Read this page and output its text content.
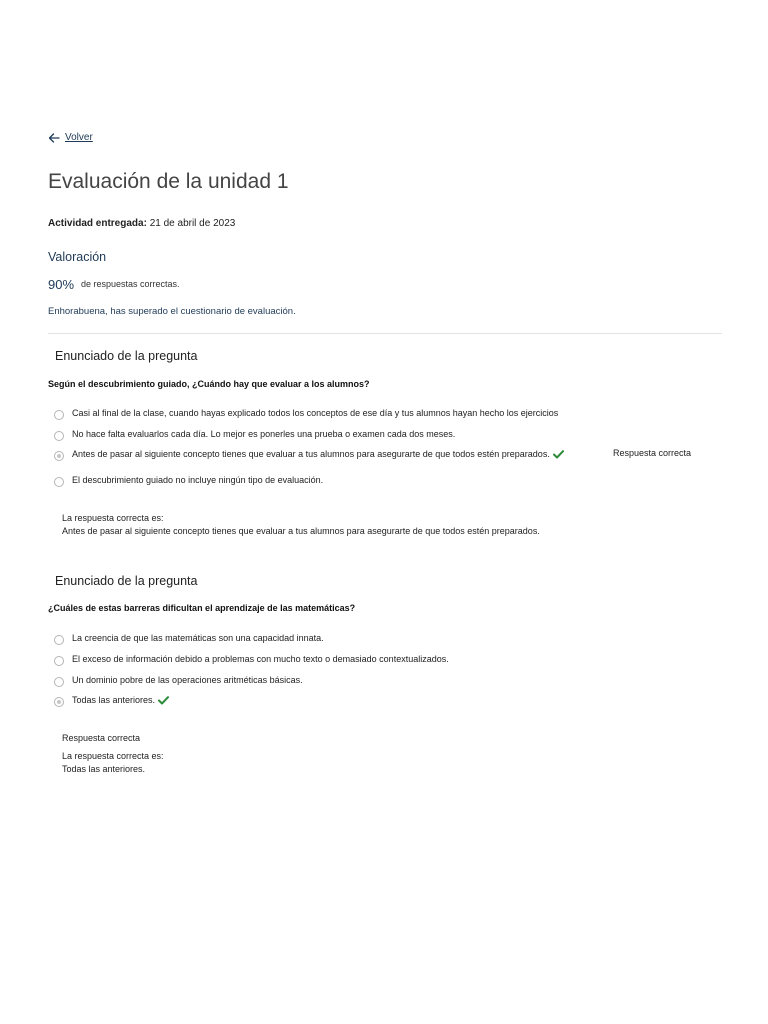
Volver
Evaluación de la unidad 1
Actividad entregada: 21 de abril de 2023
Valoración
90% de respuestas correctas.
Enhorabuena, has superado el cuestionario de evaluación.
Enunciado de la pregunta
Según el descubrimiento guiado, ¿Cuándo hay que evaluar a los alumnos?
Casi al final de la clase, cuando hayas explicado todos los conceptos de ese día y tus alumnos hayan hecho los ejercicios
No hace falta evaluarlos cada día. Lo mejor es ponerles una prueba o examen cada dos meses.
Antes de pasar al siguiente concepto tienes que evaluar a tus alumnos para asegurarte de que todos estén preparados.	Respuesta correcta
El descubrimiento guiado no incluye ningún tipo de evaluación.
La respuesta correcta es:
Antes de pasar al siguiente concepto tienes que evaluar a tus alumnos para asegurarte de que todos estén preparados.
Enunciado de la pregunta
¿Cuáles de estas barreras dificultan el aprendizaje de las matemáticas?
La creencia de que las matemáticas son una capacidad innata.
El exceso de información debido a problemas con mucho texto o demasiado contextualizados.
Un dominio pobre de las operaciones aritméticas básicas.
Todas las anteriores.
Respuesta correcta
La respuesta correcta es:
Todas las anteriores.
